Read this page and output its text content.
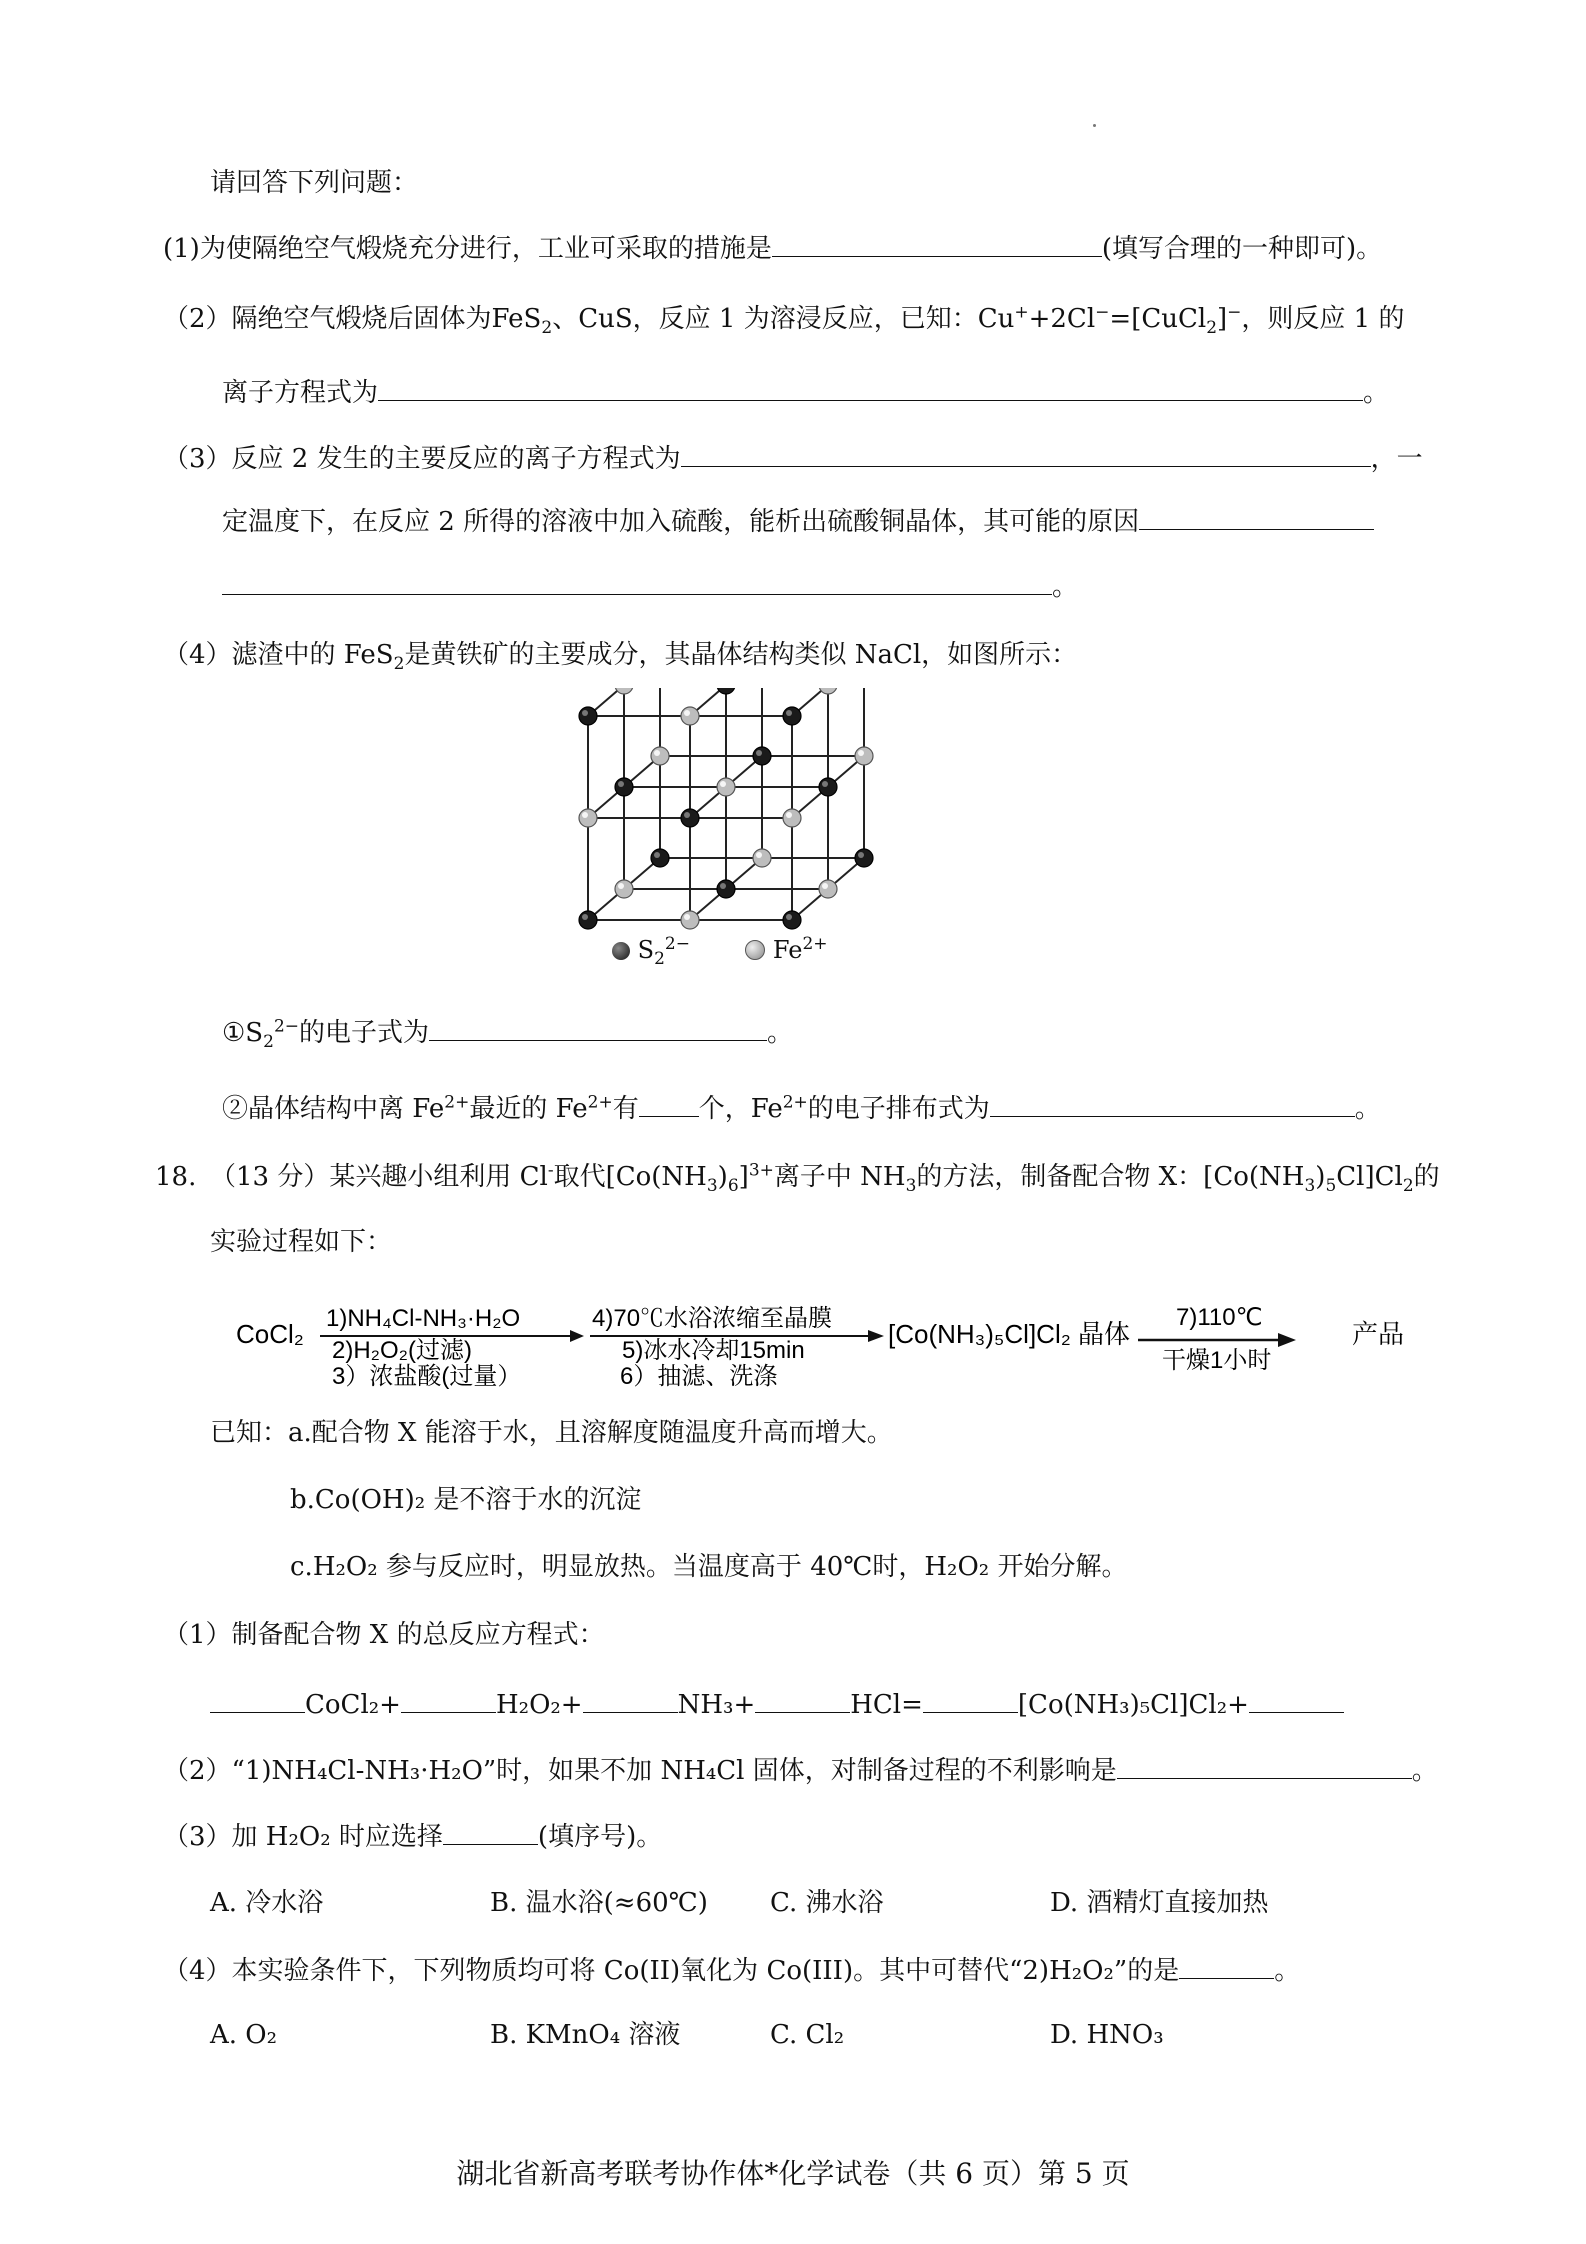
请回答下列问题：
(1)为使隔绝空气煅烧充分进行，工业可采取的措施是	(填写合理的一种即可)。
（2）隔绝空气煅烧后固体为FeS$_2$、CuS，反应 1 为溶浸反应，已知：Cu++2Cl−=[CuCl$_2$]−，则反应 1 的
离子方程式为	。
（3）反应 2 发生的主要反应的离子方程式为	，一
定温度下，在反应 2 所得的溶液中加入硫酸，能析出硫酸铜晶体，其可能的原因
。
（4）滤渣中的 FeS$_2$是黄铁矿的主要成分，其晶体结构类似 NaCl，如图所示：
$S_2^{2-}$	$Fe^{2+}$
$①S_2^{2-}$的电子式为	。
②晶体结构中离 $Fe^{2+}$最近的 $Fe^{2+}$有 个，$Fe^{2+}$的电子排布式为	。
18. （13 分）某兴趣小组利用 Cl-取代$[Co(NH_3)_6]^{3+}$离子中 $NH_3$的方法，制备配合物 X：$[Co(NH_3)_5Cl]Cl_2$的
实验过程如下：
CoCl₂
1)NH₄Cl-NH₃·H₂O
2)H₂O₂(过滤)
3）浓盐酸(过量）
4)70℃水浴浓缩至晶膜
5)冰水冷却15min
6）抽滤、洗涤
[Co(NH₃)₅Cl]Cl₂ 晶体
7)110℃
干燥1小时
产品
已知：a.配合物 X 能溶于水，且溶解度随温度升高而增大。
b.Co(OH)₂ 是不溶于水的沉淀
c.H₂O₂ 参与反应时，明显放热。当温度高于 40℃时，H₂O₂ 开始分解。
（1）制备配合物 X 的总反应方程式：
CoCl₂+	H₂O₂+	NH₃+	HCl=	[Co(NH₃)₅Cl]Cl₂+
（2）“1)NH₄Cl-NH₃·H₂O”时，如果不加 NH₄Cl 固体，对制备过程的不利影响是	。
（3）加 H₂O₂ 时应选择	(填序号)。
A. 冷水浴	B. 温水浴(≈60℃) C. 沸水浴	D. 酒精灯直接加热
（4）本实验条件下，下列物质均可将 Co(II)氧化为 Co(III)。其中可替代“2)H₂O₂”的是	。
A. O₂	B. KMnO₄ 溶液	C. Cl₂	D. HNO₃
湖北省新高考联考协作体*化学试卷（共 6 页）第 5 页
